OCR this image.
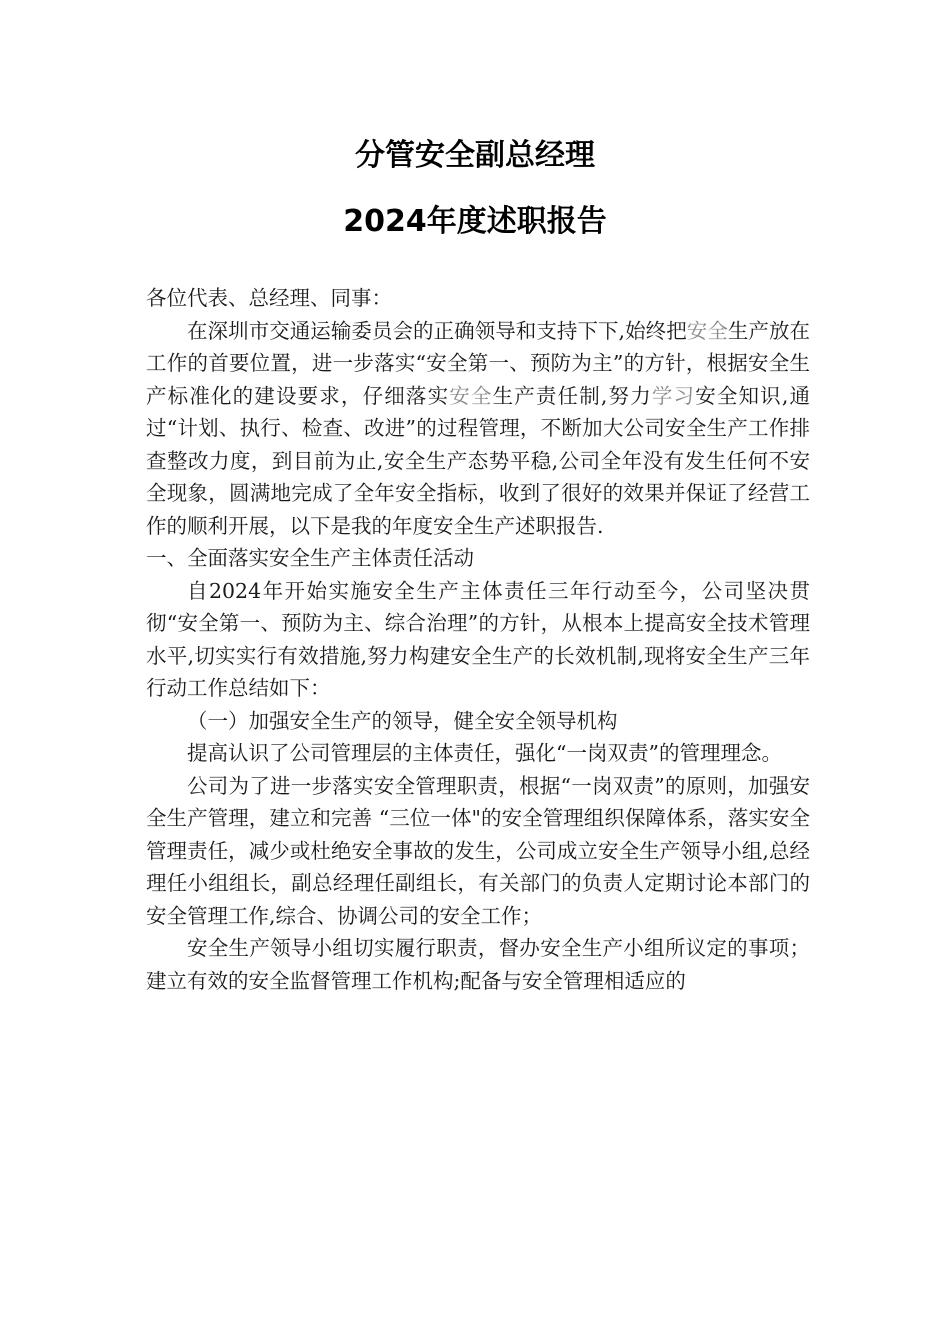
分管安全副总经理
2024年度述职报告

各位代表、总经理、同事：

在深圳市交通运输委员会的正确领导和支持下下,始终把安全生产放在工作的首要位置，进一步落实“安全第一、预防为主”的方针，根据安全生产标准化的建设要求，仔细落实安全生产责任制,努力学习安全知识,通过“计划、执行、检查、改进”的过程管理，不断加大公司安全生产工作排查整改力度，到目前为止,安全生产态势平稳,公司全年没有发生任何不安全现象，圆满地完成了全年安全指标，收到了很好的效果并保证了经营工作的顺利开展，以下是我的年度安全生产述职报告.

一、全面落实安全生产主体责任活动

自2024年开始实施安全生产主体责任三年行动至今，公司坚决贯彻“安全第一、预防为主、综合治理”的方针，从根本上提高安全技术管理水平,切实实行有效措施,努力构建安全生产的长效机制,现将安全生产三年行动工作总结如下：

（一）加强安全生产的领导，健全安全领导机构

提高认识了公司管理层的主体责任，强化“一岗双责”的管理理念。

公司为了进一步落实安全管理职责，根据“一岗双责”的原则，加强安全生产管理，建立和完善 “三位一体"的安全管理组织保障体系，落实安全管理责任，减少或杜绝安全事故的发生，公司成立安全生产领导小组,总经理任小组组长，副总经理任副组长，有关部门的负责人定期讨论本部门的安全管理工作,综合、协调公司的安全工作；

安全生产领导小组切实履行职责，督办安全生产小组所议定的事项；建立有效的安全监督管理工作机构;配备与安全管理相适应的
